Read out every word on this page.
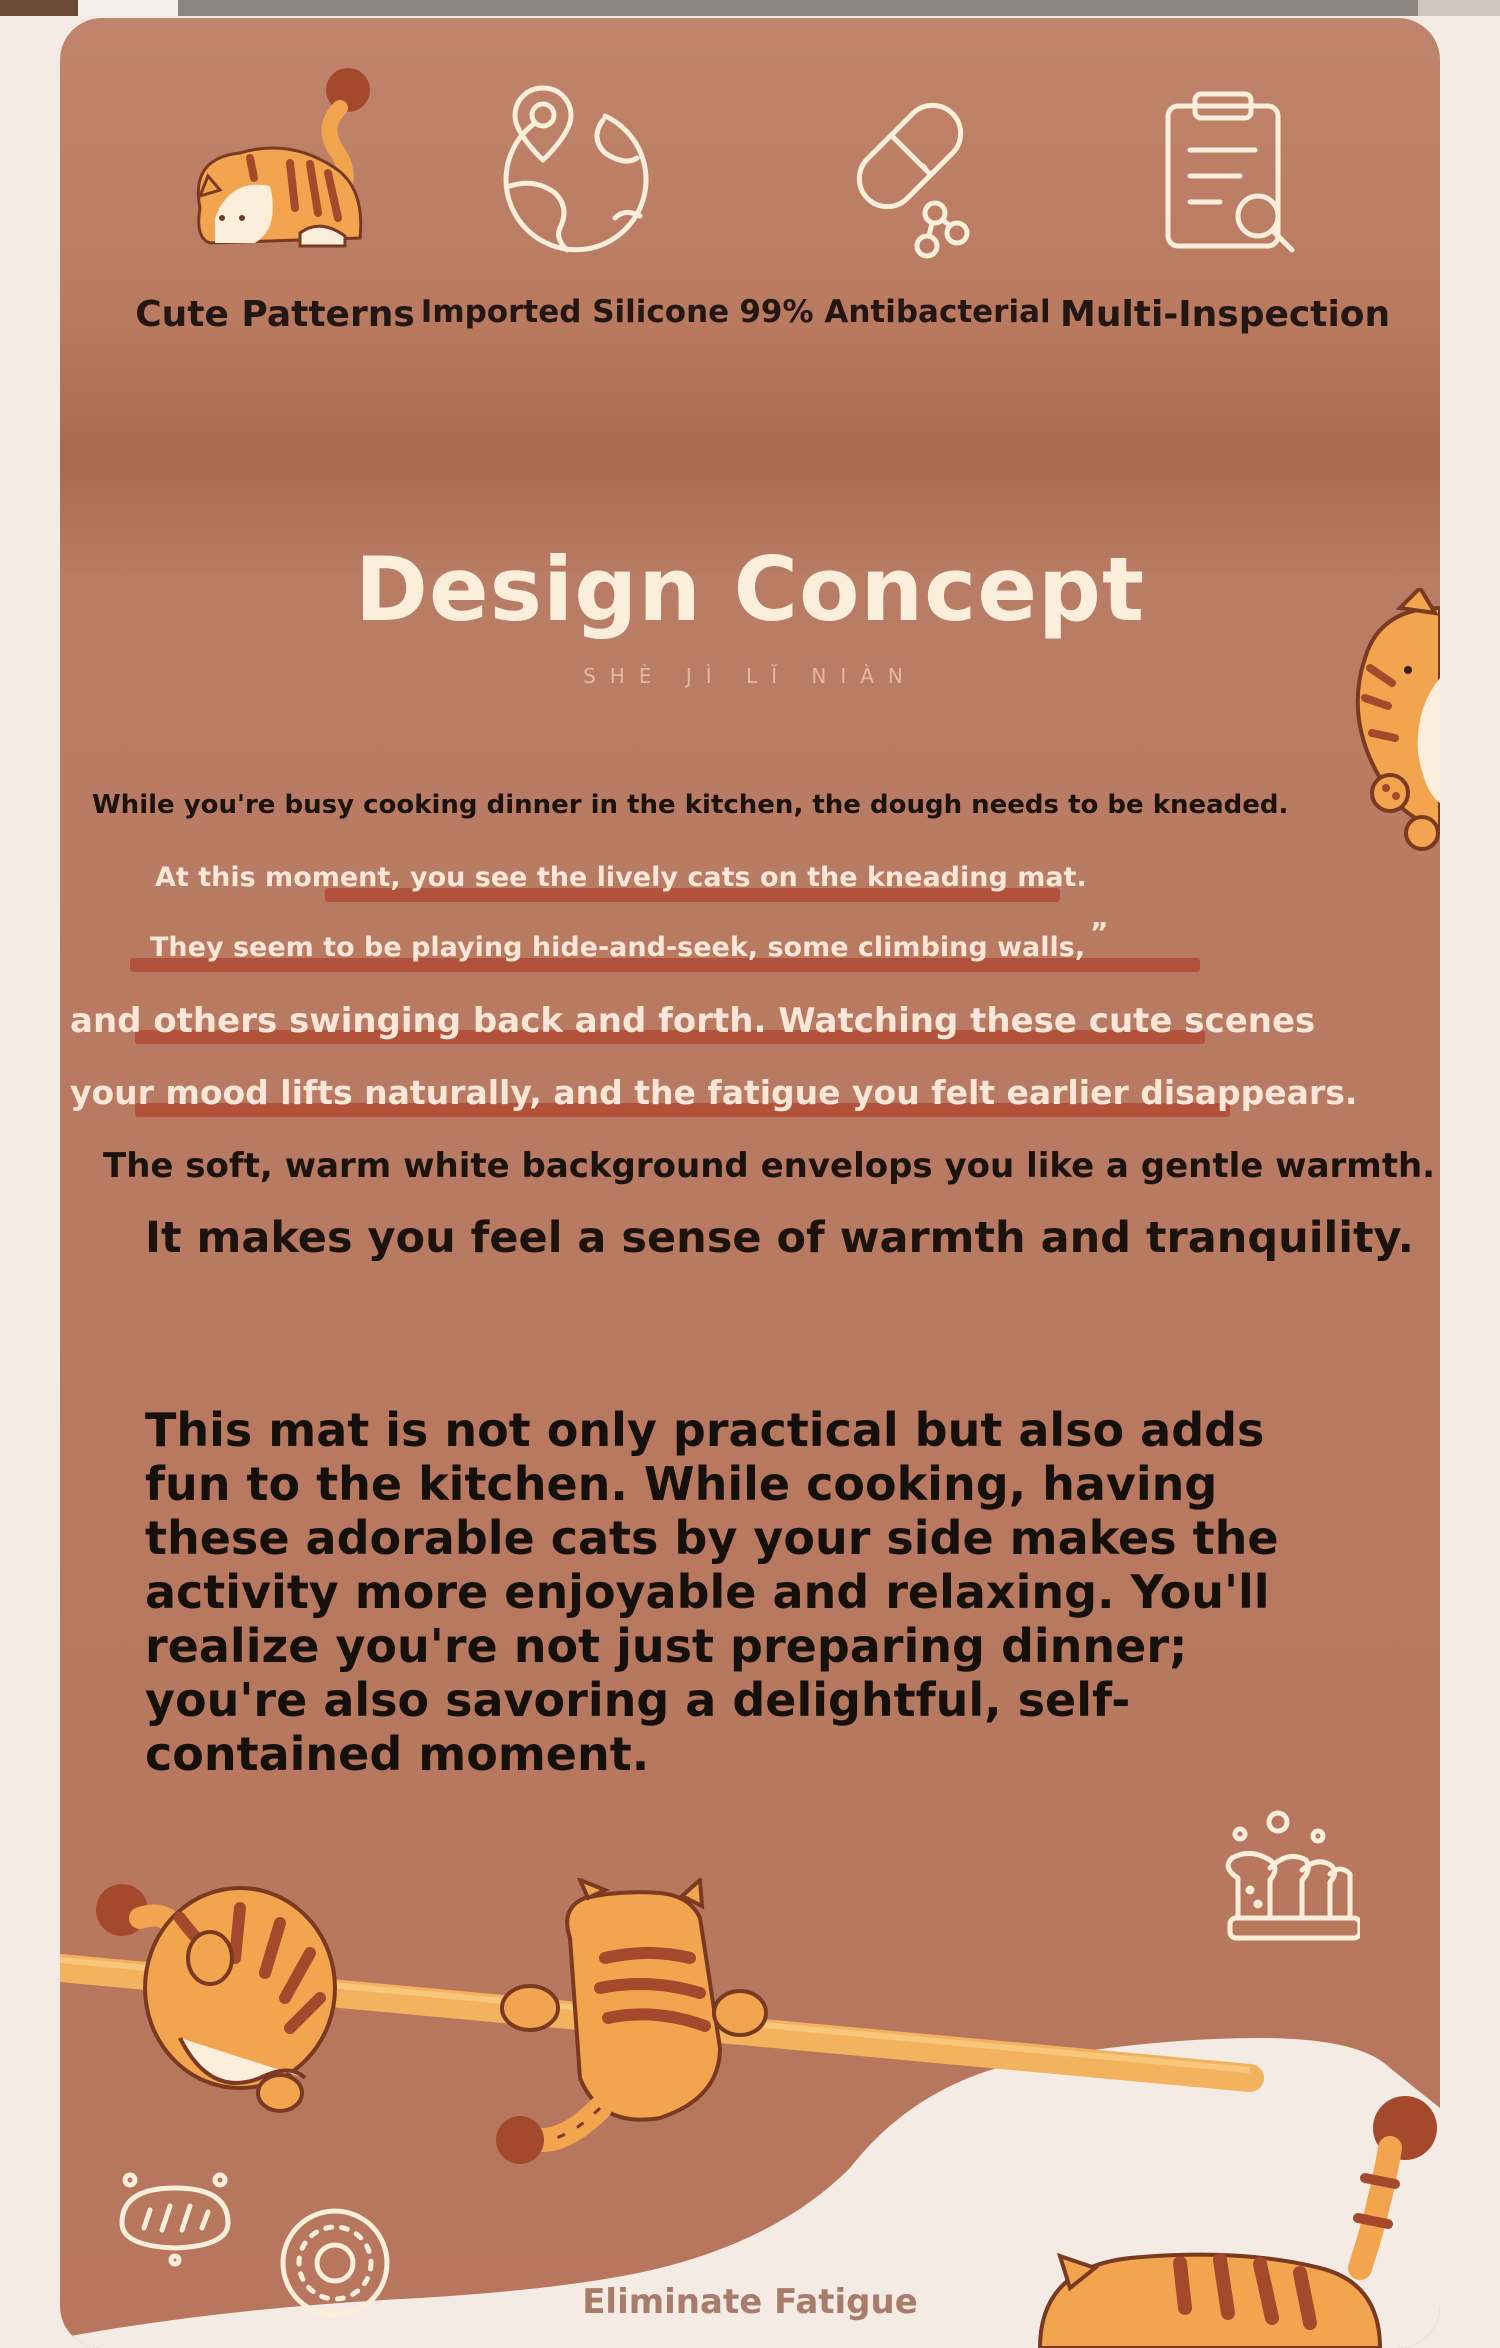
Cute Patterns Imported Silicone 99% Antibacterial Multi-Inspection
Design Concept
SHÈ JÌ LǏ NIÀN
While you're busy cooking dinner in the kitchen, the dough needs to be kneaded.
At this moment, you see the lively cats on the kneading mat.
They seem to be playing hide-and-seek, some climbing walls, ”
and others swinging back and forth. Watching these cute scenes
your mood lifts naturally, and the fatigue you felt earlier disappears.
The soft, warm white background envelops you like a gentle warmth.
It makes you feel a sense of warmth and tranquility.
This mat is not only practical but also adds fun to the kitchen. While cooking, having these adorable cats by your side makes the activity more enjoyable and relaxing. You'll realize you're not just preparing dinner; you're also savoring a delightful, self-contained moment.
Eliminate Fatigue
